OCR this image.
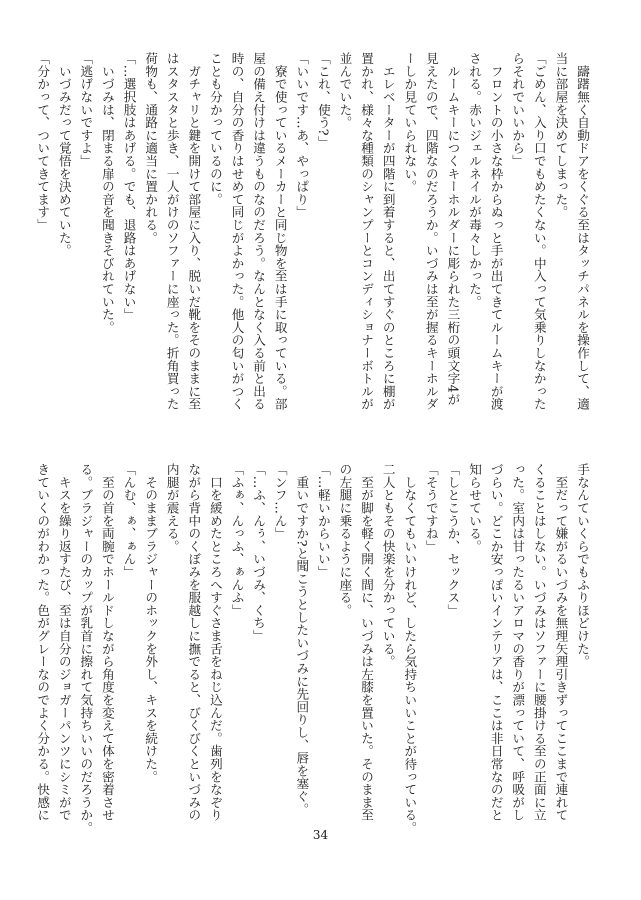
　躊躇無く自動ドアをくぐる至はタッチパネルを操作して、適

当に部屋を決めてしまった。

「ごめん、入り口でもめたくない。中入って気乗りしなかった

らそれでいいから」

　フロントの小さな枠からぬっと手が出てきてルームキーが渡

される。赤いジェルネイルが毒々しかった。

　ルームキーにつくキーホルダーに彫られた三桁の頭文字4が

見えたので、四階なのだろうか。いづみは至が握るキーホルダ

ーしか見ていられない。

　エレベーターが四階に到着すると、出てすぐのところに棚が

置かれ、様々な種類のシャンプーとコンディショナーボトルが

並んでいた。

「これ、使う?」

「いいです…あ、やっぱり」

　寮で使っているメーカーと同じ物を至は手に取っている。部

屋の備え付けは違うものなのだろう。なんとなく入る前と出る

時の、自分の香りはせめて同じがよかった。他人の匂いがつく

ことも分かっているのに。

　ガチャリと鍵を開けて部屋に入り、脱いだ靴をそのままに至

はスタスタと歩き、一人がけのソファーに座った。折角買った

荷物も、通路に適当に置かれる。

「…選択肢はあげる。でも、退路はあげない」

　いづみは、閉まる扉の音を聞きそびれていた。

「逃げないですよ」

　いづみだって覚悟を決めていた。

「分かって、ついてきてます」

手なんていくらでもふりほどけた。

　至だって嫌がるいづみを無理矢理引きずってここまで連れて

くることはしない。いづみはソファーに腰掛ける至の正面に立

った。室内は甘ったるいアロマの香りが漂っていて、呼吸がし

づらい。どこか安っぽいインテリアは、ここは非日常なのだと

知らせている。

「しとこうか、セックス」

「そうですね」

　しなくてもいいけれど、したら気持ちいいことが待っている。

二人ともその快楽を分かっている。

　至が脚を軽く開く間に、いづみは左膝を置いた。そのまま至

の左腿に乗るように座る。

「…軽いからいい」

　重いですか?と聞こうとしたいづみに先回りし、唇を塞ぐ。

「ンフ…ん」

「…ふ、んぅ、いづみ、くち」

「ふぁ、んっふ、ぁんふ」

　口を緩めたところへすぐさま舌をねじ込んだ。歯列をなぞり

ながら背中のくぼみを服越しに撫でると、びくびくといづみの

内腿が震える。

　そのままブラジャーのホックを外し、キスを続けた。

「んむ、ぁ、ぁん」

　至の首を両腕でホールドしながら角度を変えて体を密着させ

る。ブラジャーのカップが乳首に擦れて気持ちいいのだろうか。

　キスを繰り返すたび、至は自分のジョガーパンツにシミがで

きていくのがわかった。色がグレーなのでよく分かる。快感に

34
